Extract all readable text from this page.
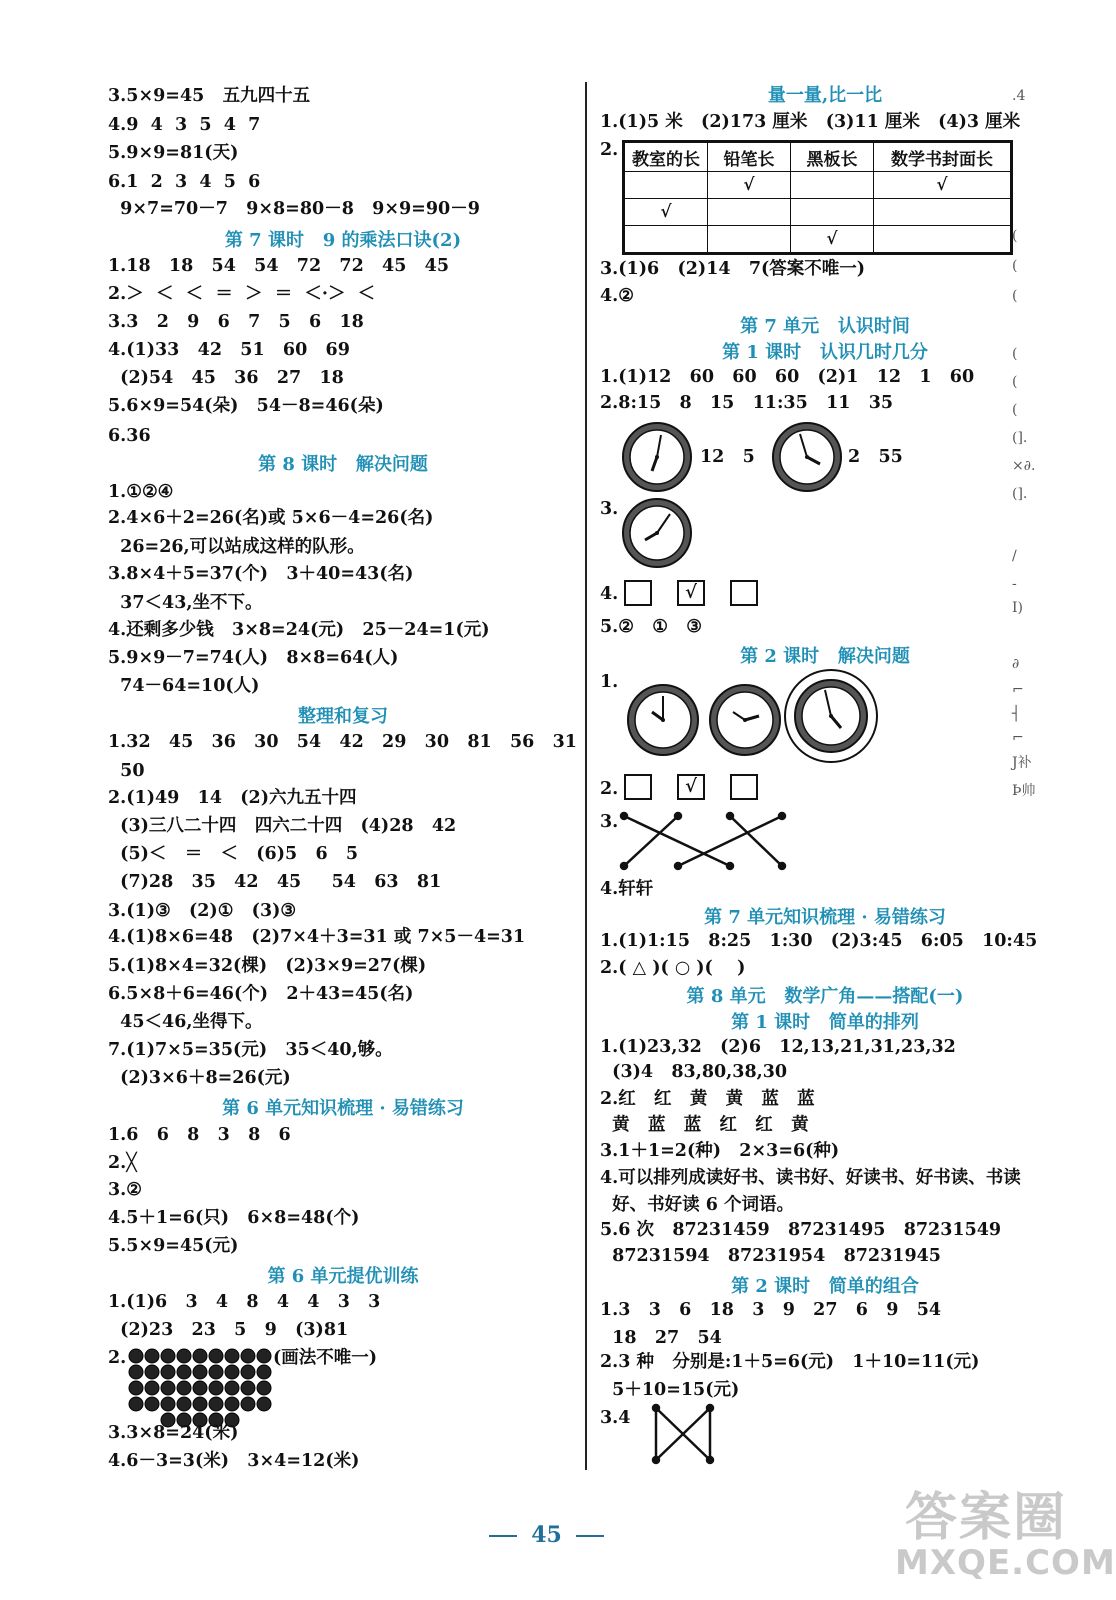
3.5×9=45   五九四十五
4.9  4  3  5  4  7
5.9×9=81(天)
6.1  2  3  4  5  6
9×7=70－7   9×8=80－8   9×9=90－9
第 7 课时   9 的乘法口诀(2)
1.18   18   54   54   72   72   45   45
2.＞  ＜  ＜  ＝  ＞  ＝  ＜·＞  ＜
3.3   2   9   6   7   5   6   18
4.(1)33   42   51   60   69
(2)54   45   36   27   18
5.6×9=54(朵)   54－8=46(朵)
6.36
第 8 课时   解决问题
1.①②④
2.4×6＋2=26(名)或 5×6－4=26(名)
26=26,可以站成这样的队形。
3.8×4＋5=37(个)   3＋40=43(名)
37＜43,坐不下。
4.还剩多少钱   3×8=24(元)   25－24=1(元)
5.9×9－7=74(人)   8×8=64(人)
74－64=10(人)
整理和复习
1.32   45   36   30   54   42   29   30   81   56   31
50
2.(1)49   14   (2)六九五十四
(3)三八二十四   四六二十四   (4)28   42
(5)＜   ＝   ＜   (6)5   6   5
(7)28   35   42   45     54   63   81
3.(1)③   (2)①   (3)③
4.(1)8×6=48   (2)7×4＋3=31 或 7×5－4=31
5.(1)8×4=32(棵)   (2)3×9=27(棵)
6.5×8＋6=46(个)   2＋43=45(名)
45＜46,坐得下。
7.(1)7×5=35(元)   35＜40,够。
(2)3×6＋8=26(元)
第 6 单元知识梳理 · 易错练习
1.6   6   8   3   8   6
2.╳
3.②
4.5＋1=6(只)   6×8=48(个)
5.5×9=45(元)
第 6 单元提优训练
1.(1)6   3   4   8   4   4   3   3
(2)23   23   5   9   (3)81
2.	(画法不唯一)
3.3×8=24(米)
4.6－3=3(米)   3×4=12(米)
量一量,比一比
1.(1)5 米   (2)173 厘米   (3)11 厘米   (4)3 厘米
2. 教室的长	铅笔长	黑板长	数学书封面长
	√		√
√			
		√	
3.(1)6   (2)14   7(答案不唯一)
4.②
第 7 单元   认识时间
第 1 课时   认识几时几分
1.(1)12   60   60   60   (2)1   12   1   60
2.8:15   8   15   11:35   11   35
12   5	2   55
3.
4.	√
5.②   ①   ③
第 2 课时   解决问题
1.
2.	√
3.
4.轩轩
第 7 单元知识梳理 · 易错练习
1.(1)1:15   8:25   1:30   (2)3:45   6:05   10:45
2.( △ )( ○ )(    )
第 8 单元   数学广角——搭配(一)
第 1 课时   简单的排列
1.(1)23,32   (2)6   12,13,21,31,23,32
(3)4   83,80,38,30
2.红   红   黄   黄   蓝   蓝
黄   蓝   蓝   红   红   黄
3.1＋1=2(种)   2×3=6(种)
4.可以排列成读好书、读书好、好读书、好书读、书读
好、书好读 6 个词语。
5.6 次   87231459   87231495   87231549
87231594   87231954   87231945
第 2 课时   简单的组合
1.3   3   6   18   3   9   27   6   9   54
18   27   54
2.3 种   分别是:1＋5=6(元)   1＋10=11(元)
5＋10=15(元)
3.4
.4
(
(
(
(
(
(
(].
×∂.
(].
∕
-
I)
∂
⌐
┤
⌐
J补
Þ帅
45	答案圈
MXQE.COM
